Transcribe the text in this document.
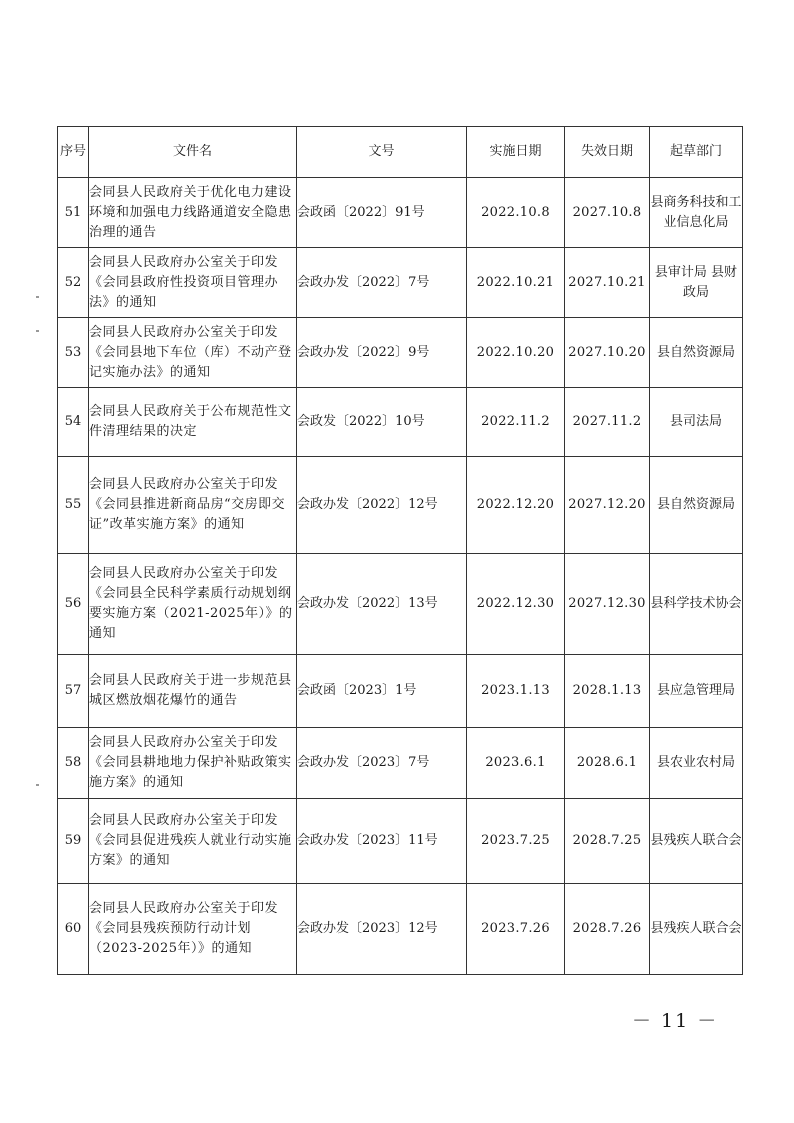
序号	文件名	文号	实施日期	失效日期	起草部门
51	会同县人民政府关于优化电力建设环境和加强电力线路通道安全隐患治理的通告	会政函〔2022〕91号	2022.10.8	2027.10.8	县商务科技和工业信息化局
52	会同县人民政府办公室关于印发《会同县政府性投资项目管理办法》的通知	会政办发〔2022〕7号	2022.10.21	2027.10.21	县审计局 县财政局
53	会同县人民政府办公室关于印发《会同县地下车位（库）不动产登记实施办法》的通知	会政办发〔2022〕9号	2022.10.20	2027.10.20	县自然资源局
54	会同县人民政府关于公布规范性文件清理结果的决定	会政发〔2022〕10号	2022.11.2	2027.11.2	县司法局
55	会同县人民政府办公室关于印发《会同县推进新商品房“交房即交证”改革实施方案》的通知	会政办发〔2022〕12号	2022.12.20	2027.12.20	县自然资源局
56	会同县人民政府办公室关于印发《会同县全民科学素质行动规划纲要实施方案（2021-2025年）》的通知	会政办发〔2022〕13号	2022.12.30	2027.12.30	县科学技术协会
57	会同县人民政府关于进一步规范县城区燃放烟花爆竹的通告	会政函〔2023〕1号	2023.1.13	2028.1.13	县应急管理局
58	会同县人民政府办公室关于印发《会同县耕地地力保护补贴政策实施方案》的通知	会政办发〔2023〕7号	2023.6.1	2028.6.1	县农业农村局
59	会同县人民政府办公室关于印发《会同县促进残疾人就业行动实施方案》的通知	会政办发〔2023〕11号	2023.7.25	2028.7.25	县残疾人联合会
60	会同县人民政府办公室关于印发《会同县残疾预防行动计划（2023-2025年）》的通知	会政办发〔2023〕12号	2023.7.26	2028.7.26	县残疾人联合会
－ 11 －
